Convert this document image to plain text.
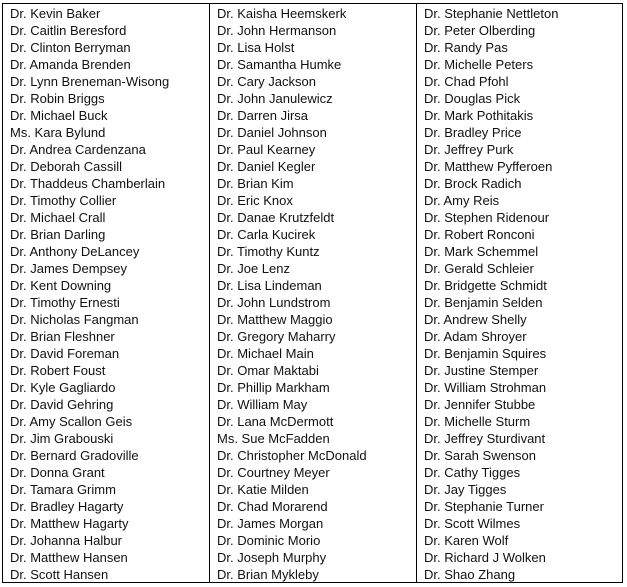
Dr. Kevin Baker
Dr. Caitlin Beresford
Dr. Clinton Berryman
Dr. Amanda Brenden
Dr. Lynn Breneman-Wisong
Dr. Robin Briggs
Dr. Michael Buck
Ms. Kara Bylund
Dr. Andrea Cardenzana
Dr. Deborah Cassill
Dr. Thaddeus Chamberlain
Dr. Timothy Collier
Dr. Michael Crall
Dr. Brian Darling
Dr. Anthony DeLancey
Dr. James Dempsey
Dr. Kent Downing
Dr. Timothy Ernesti
Dr. Nicholas Fangman
Dr. Brian Fleshner
Dr. David Foreman
Dr. Robert Foust
Dr. Kyle Gagliardo
Dr. David Gehring
Dr. Amy Scallon Geis
Dr. Jim Grabouski
Dr. Bernard Gradoville
Dr. Donna Grant
Dr. Tamara Grimm
Dr. Bradley Hagarty
Dr. Matthew Hagarty
Dr. Johanna Halbur
Dr. Matthew Hansen
Dr. Scott Hansen
Dr. Kaisha Heemskerk
Dr. John Hermanson
Dr. Lisa Holst
Dr. Samantha Humke
Dr. Cary Jackson
Dr. John Janulewicz
Dr. Darren Jirsa
Dr. Daniel Johnson
Dr. Paul Kearney
Dr. Daniel Kegler
Dr. Brian Kim
Dr. Eric Knox
Dr. Danae Krutzfeldt
Dr. Carla Kucirek
Dr. Timothy Kuntz
Dr. Joe Lenz
Dr. Lisa Lindeman
Dr. John Lundstrom
Dr. Matthew Maggio
Dr. Gregory Maharry
Dr. Michael Main
Dr. Omar Maktabi
Dr. Phillip Markham
Dr. William May
Dr. Lana McDermott
Ms. Sue McFadden
Dr. Christopher McDonald
Dr. Courtney Meyer
Dr. Katie Milden
Dr. Chad Morarend
Dr. James Morgan
Dr. Dominic Morio
Dr. Joseph Murphy
Dr. Brian Mykleby
Dr. Stephanie Nettleton
Dr. Peter Olberding
Dr. Randy Pas
Dr. Michelle Peters
Dr. Chad Pfohl
Dr. Douglas Pick
Dr. Mark Pothitakis
Dr. Bradley Price
Dr. Jeffrey Purk
Dr. Matthew Pyfferoen
Dr. Brock Radich
Dr. Amy Reis
Dr. Stephen Ridenour
Dr. Robert Ronconi
Dr. Mark Schemmel
Dr. Gerald Schleier
Dr. Bridgette Schmidt
Dr. Benjamin Selden
Dr. Andrew Shelly
Dr. Adam Shroyer
Dr. Benjamin Squires
Dr. Justine Stemper
Dr. William Strohman
Dr. Jennifer Stubbe
Dr. Michelle Sturm
Dr. Jeffrey Sturdivant
Dr. Sarah Swenson
Dr. Cathy Tigges
Dr. Jay Tigges
Dr. Stephanie Turner
Dr. Scott Wilmes
Dr. Karen Wolf
Dr. Richard J Wolken
Dr. Shao Zhang
